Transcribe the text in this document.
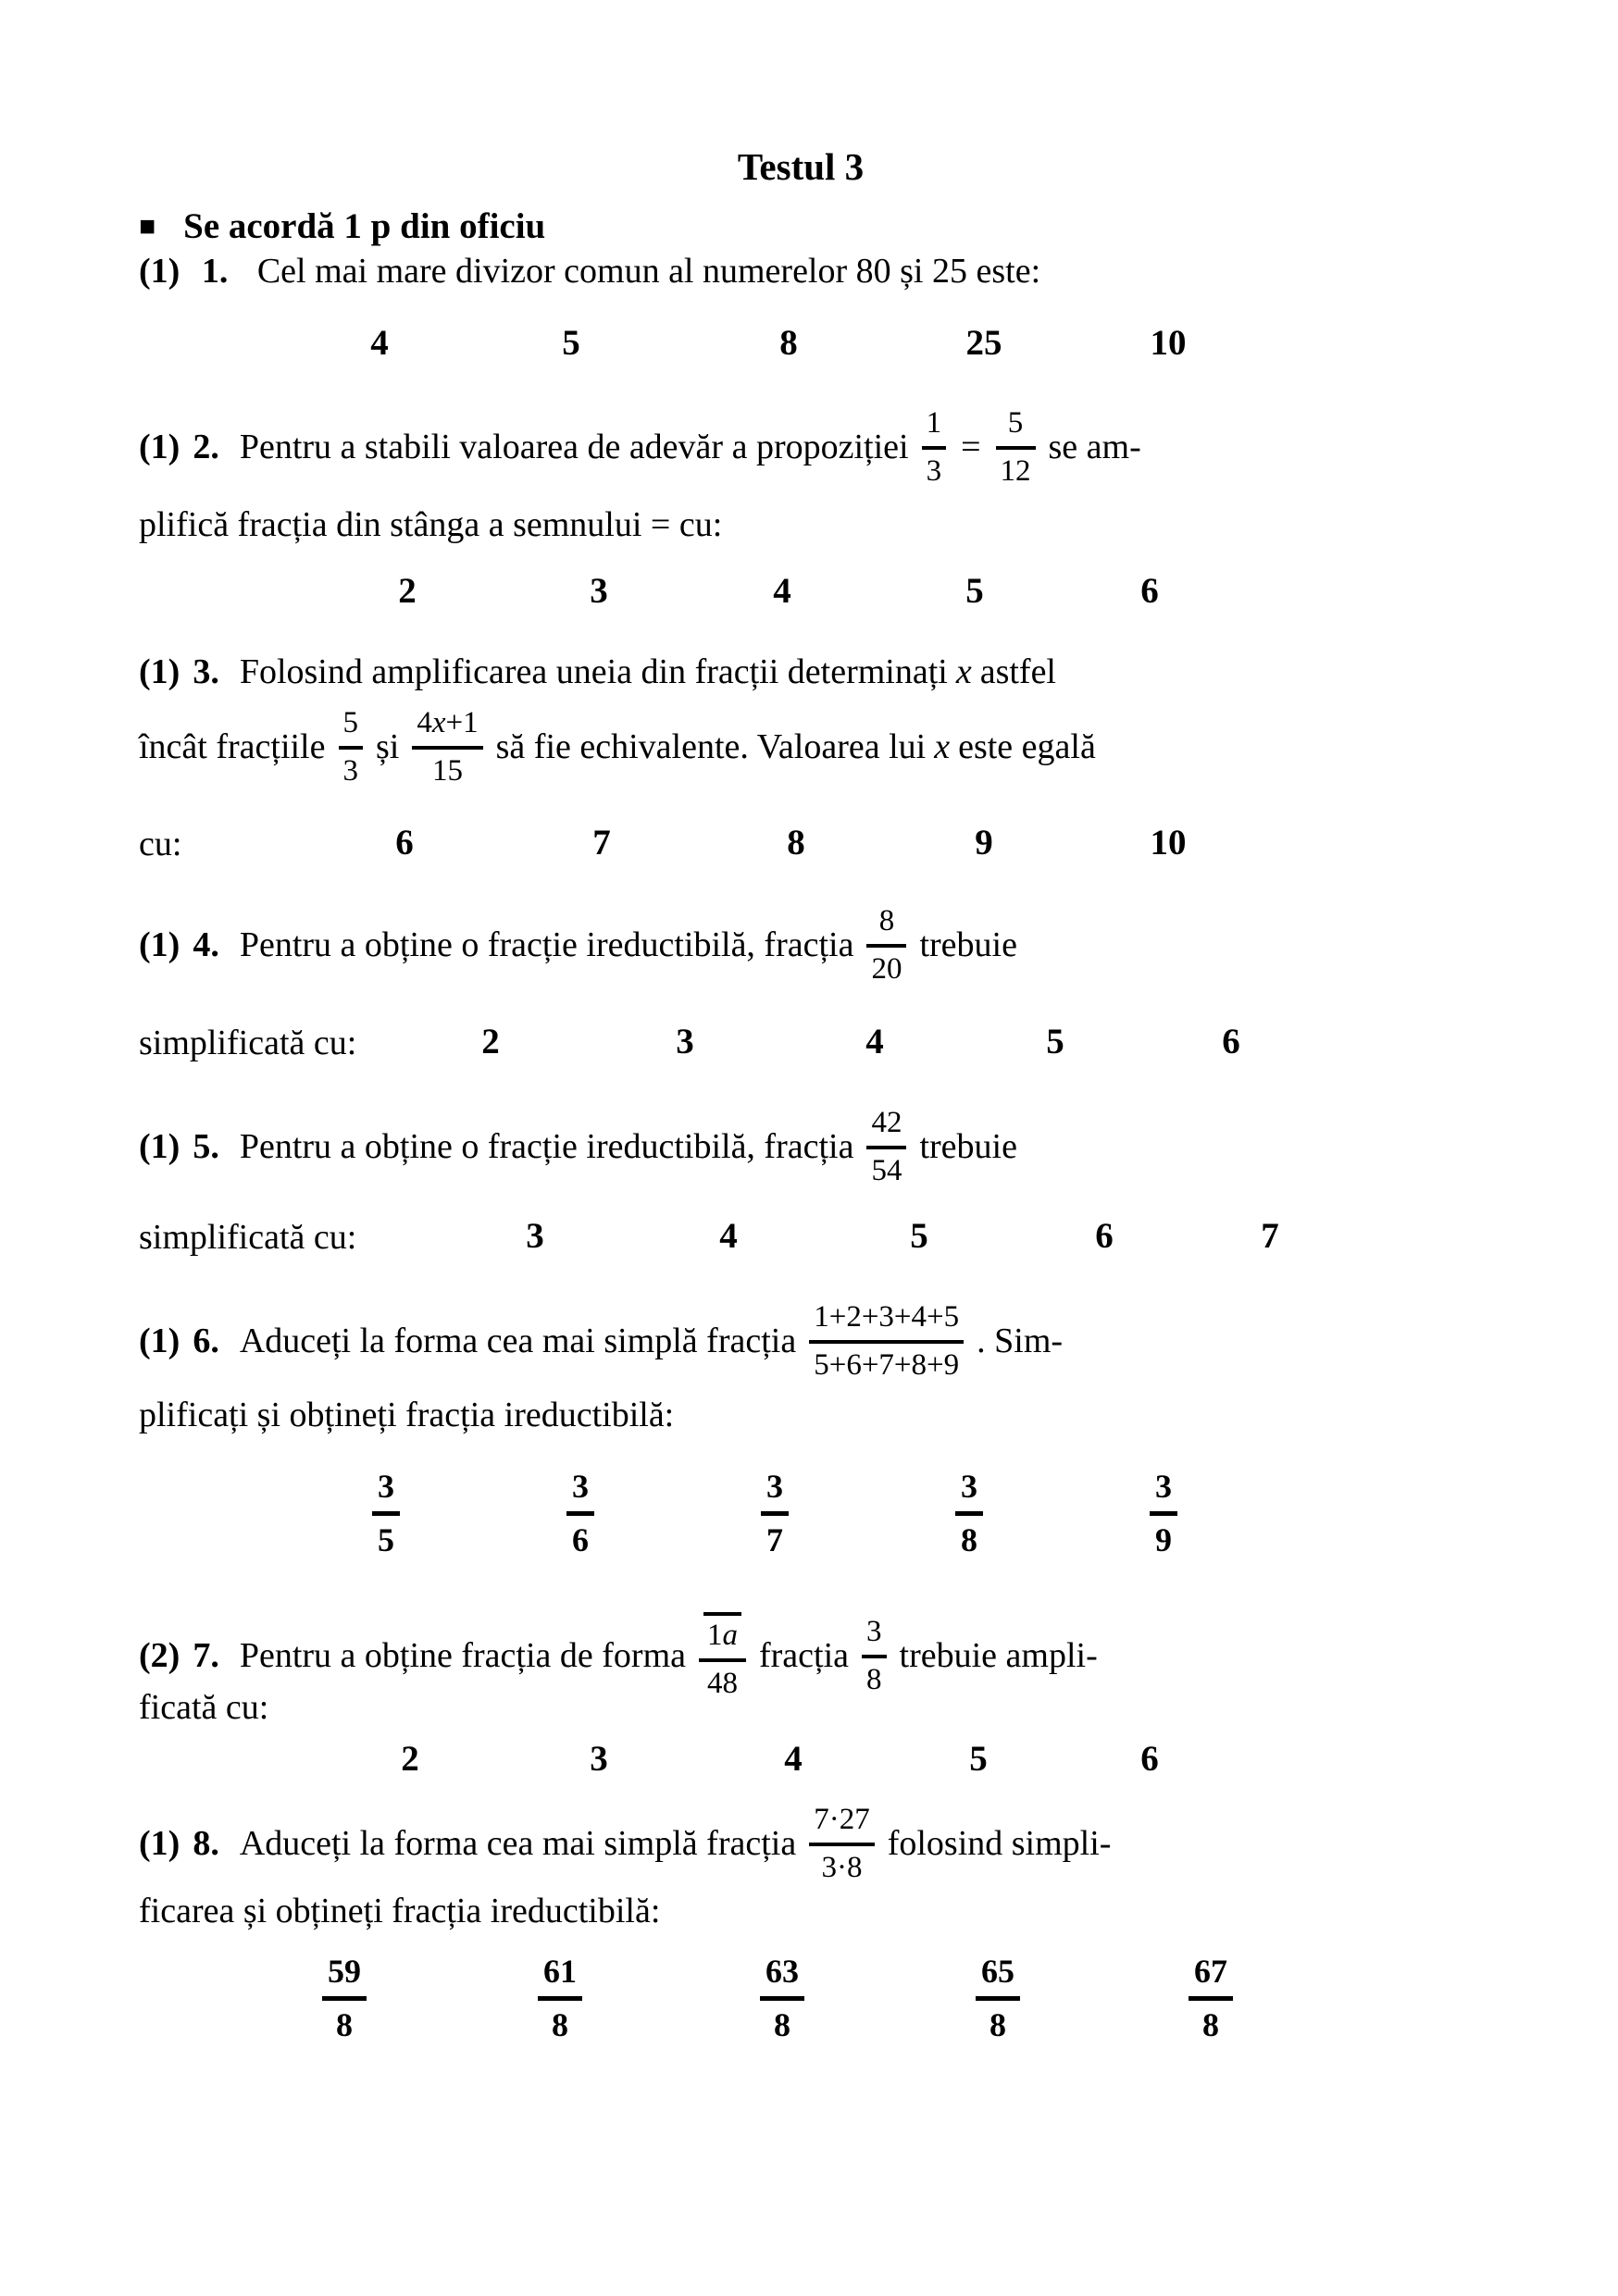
Testul 3
■ Se acordă 1 p din oficiu
(1) 1. Cel mai mare divizor comun al numerelor 80 și 25 este:
4	5	8	25	10
(1) 2. Pentru a stabili valoarea de adevăr a propoziției $\frac{1}{3} = \frac{5}{12}$ se am-
plifică fracția din stânga a semnului = cu:
2	3	4	5	6
(1) 3. Folosind amplificarea uneia din fracții determinați x astfel
încât fracțiile $\frac{5}{3}$ și $\frac{4x+1}{15}$ să fie echivalente. Valoarea lui x este egală
cu:	6	7	8	9	10
(1) 4. Pentru a obține o fracție ireductibilă, fracția $\frac{8}{20}$ trebuie
simplificată cu:	2	3	4	5	6
(1) 5. Pentru a obține o fracție ireductibilă, fracția $\frac{42}{54}$ trebuie
simplificată cu:	3	4	5	6	7
(1) 6. Aduceți la forma cea mai simplă fracția $\frac{1+2+3+4+5}{5+6+7+8+9}$ . Sim-
plificați și obțineți fracția ireductibilă:
$\frac{3}{5}$	$\frac{3}{6}$	$\frac{3}{7}$	$\frac{3}{8}$	$\frac{3}{9}$
(2) 7. Pentru a obține fracția de forma $\frac{1a}{48}$ fracția $\frac{3}{8}$ trebuie ampli-
ficată cu:
2	3	4	5	6
(1) 8. Aduceți la forma cea mai simplă fracția $\frac{7\cdot 27}{3\cdot 8}$ folosind simpli-
ficarea și obțineți fracția ireductibilă:
$\frac{59}{8}$	$\frac{61}{8}$	$\frac{63}{8}$	$\frac{65}{8}$	$\frac{67}{8}$
